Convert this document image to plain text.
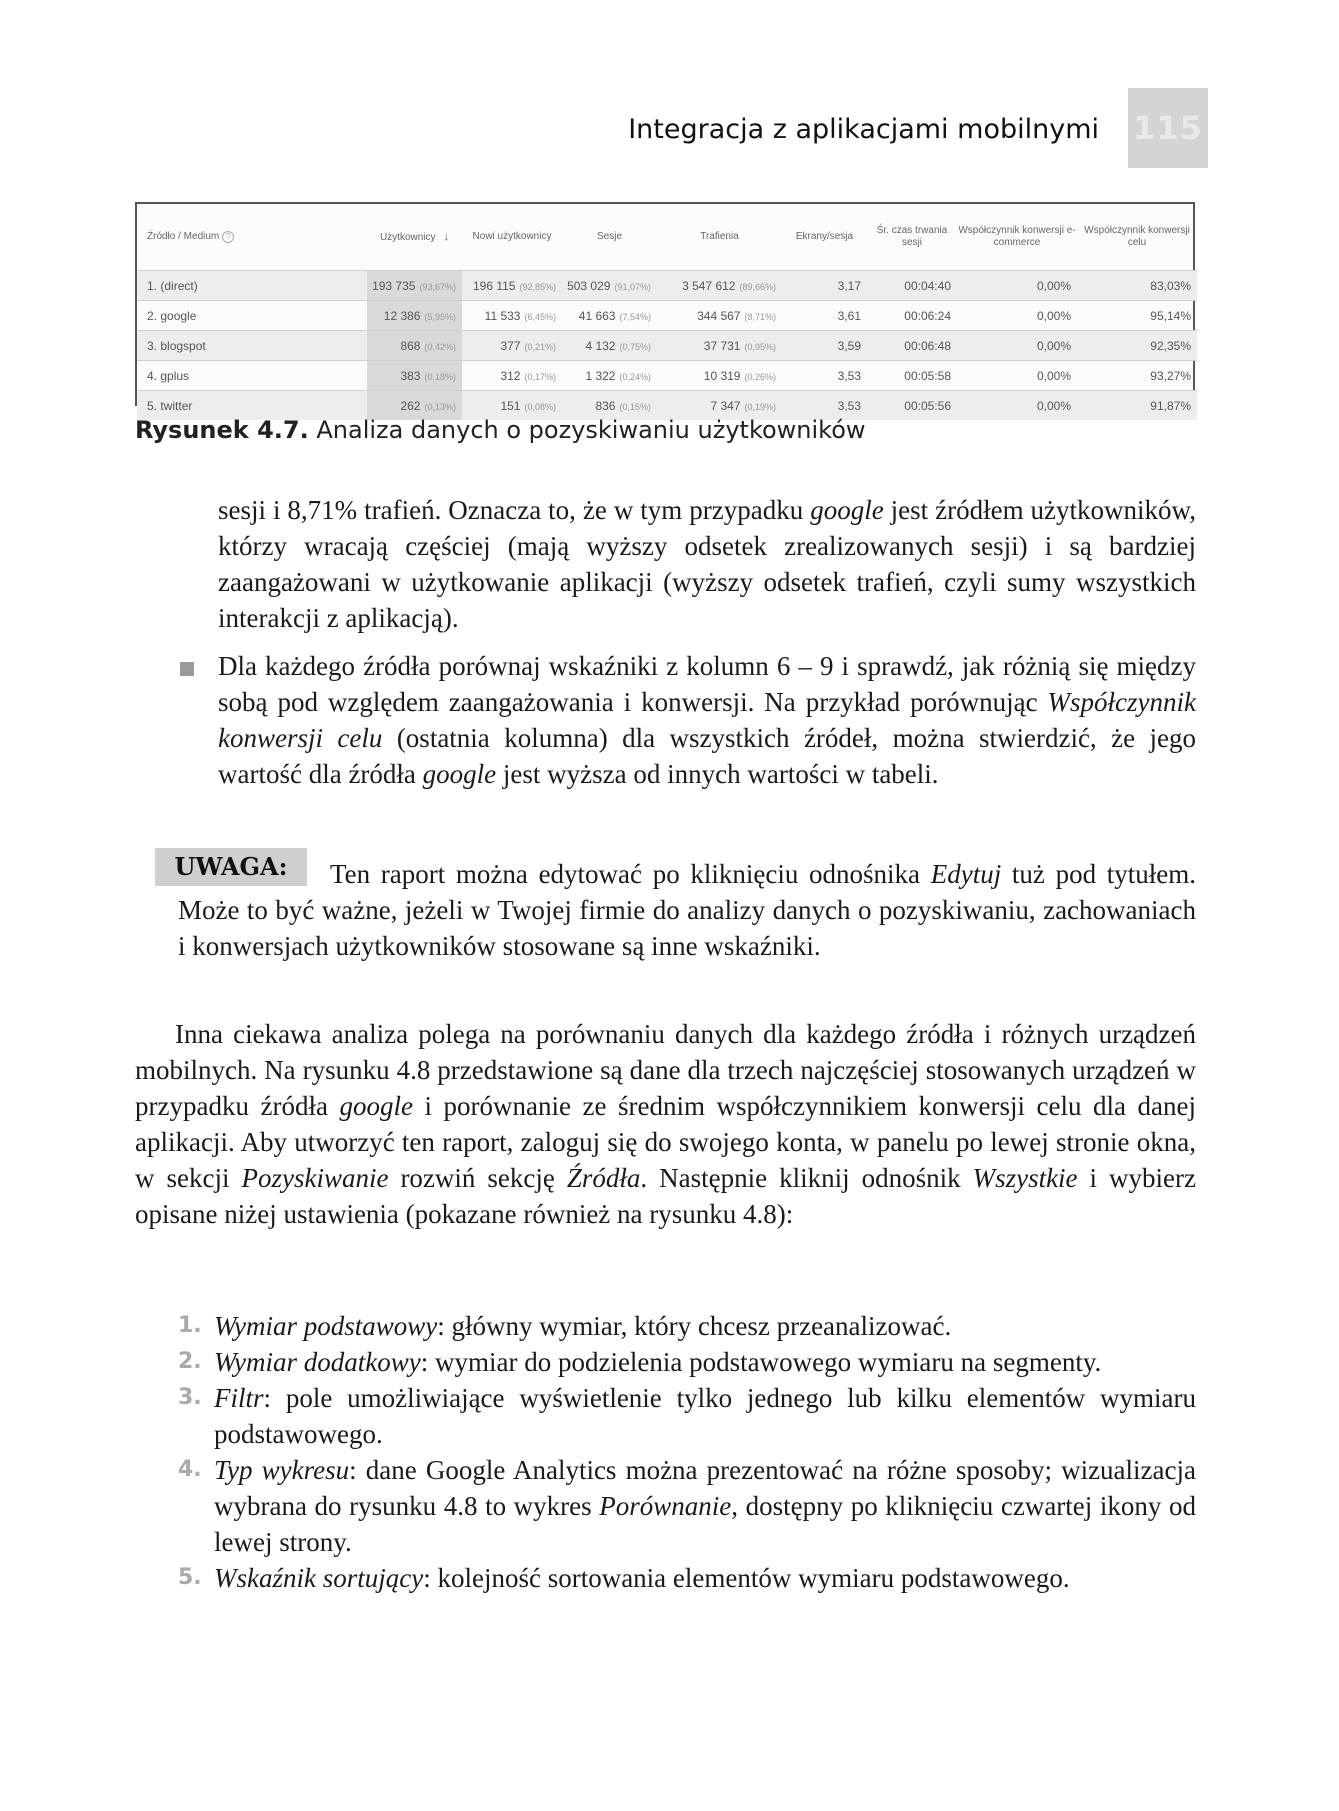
Integracja z aplikacjami mobilnymi 115
Źródło / Medium ?	Użytkownicy ↓	Nowi użytkownicy	Sesje	Trafienia	Ekrany/sesja	Śr. czas trwania sesji	Współczynnik konwersji e-commerce	Współczynnik konwersji celu
1. (direct)	193 735 (93,67%)	196 115 (92,85%)	503 029 (91,07%)	3 547 612 (89,66%)	3,17	00:04:40	0,00%	83,03%
2. google	12 386 (5,95%)	11 533 (6,45%)	41 663 (7,54%)	344 567 (8,71%)	3,61	00:06:24	0,00%	95,14%
3. blogspot	868 (0,42%)	377 (0,21%)	4 132 (0,75%)	37 731 (0,95%)	3,59	00:06:48	0,00%	92,35%
4. gplus	383 (0,18%)	312 (0,17%)	1 322 (0,24%)	10 319 (0,26%)	3,53	00:05:58	0,00%	93,27%
5. twitter	262 (0,13%)	151 (0,08%)	836 (0,15%)	7 347 (0,19%)	3,53	00:05:56	0,00%	91,87%
Rysunek 4.7. Analiza danych o pozyskiwaniu użytkowników
sesji i 8,71% trafień. Oznacza to, że w tym przypadku google jest źródłem użytkowników, którzy wracają częściej (mają wyższy odsetek zrealizowanych sesji) i są bardziej zaangażowani w użytkowanie aplikacji (wyższy odsetek trafień, czyli sumy wszystkich interakcji z aplikacją).
Dla każdego źródła porównaj wskaźniki z kolumn 6 – 9 i sprawdź, jak różnią się między sobą pod względem zaangażowania i konwersji. Na przykład porównując Współczynnik konwersji celu (ostatnia kolumna) dla wszystkich źródeł, można stwierdzić, że jego wartość dla źródła google jest wyższa od innych wartości w tabeli.
UWAGA:	Ten raport można edytować po kliknięciu odnośnika Edytuj tuż pod tytułem. Może to być ważne, jeżeli w Twojej firmie do analizy danych o pozyskiwaniu, zachowaniach i konwersjach użytkowników stosowane są inne wskaźniki.
Inna ciekawa analiza polega na porównaniu danych dla każdego źródła i różnych urządzeń mobilnych. Na rysunku 4.8 przedstawione są dane dla trzech najczęściej stosowanych urządzeń w przypadku źródła google i porównanie ze średnim współczynnikiem konwersji celu dla danej aplikacji. Aby utworzyć ten raport, zaloguj się do swojego konta, w panelu po lewej stronie okna, w sekcji Pozyskiwanie rozwiń sekcję Źródła. Następnie kliknij odnośnik Wszystkie i wybierz opisane niżej ustawienia (pokazane również na rysunku 4.8):
1. Wymiar podstawowy: główny wymiar, który chcesz przeanalizować.
2. Wymiar dodatkowy: wymiar do podzielenia podstawowego wymiaru na segmenty.
3. Filtr: pole umożliwiające wyświetlenie tylko jednego lub kilku elementów wymiaru podstawowego.
4. Typ wykresu: dane Google Analytics można prezentować na różne sposoby; wizualizacja wybrana do rysunku 4.8 to wykres Porównanie, dostępny po kliknięciu czwartej ikony od lewej strony.
5. Wskaźnik sortujący: kolejność sortowania elementów wymiaru podstawowego.
